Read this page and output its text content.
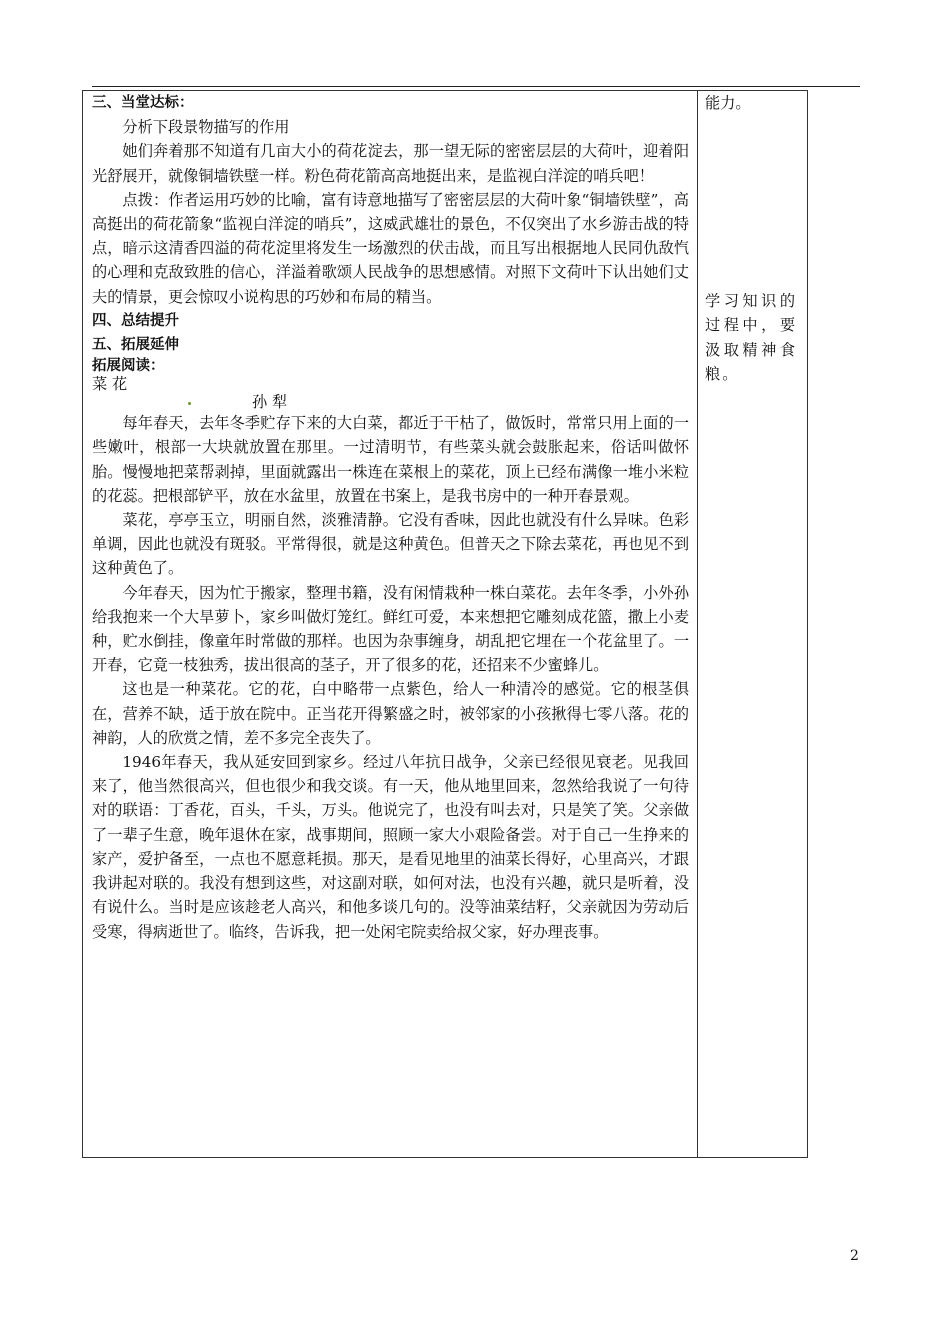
三、当堂达标：

分析下段景物描写的作用

她们奔着那不知道有几亩大小的荷花淀去，那一望无际的密密层层的大荷叶，迎着阳光舒展开，就像铜墙铁壁一样。粉色荷花箭高高地挺出来，是监视白洋淀的哨兵吧！

点拨：作者运用巧妙的比喻，富有诗意地描写了密密层层的大荷叶象“铜墙铁壁”，高高挺出的荷花箭象“监视白洋淀的哨兵”，这威武雄壮的景色，不仅突出了水乡游击战的特点，暗示这清香四溢的荷花淀里将发生一场激烈的伏击战，而且写出根据地人民同仇敌忾的心理和克敌致胜的信心，洋溢着歌颂人民战争的思想感情。对照下文荷叶下认出她们丈夫的情景，更会惊叹小说构思的巧妙和布局的精当。

四、总结提升

五、拓展延伸

拓展阅读：

菜 花

孙 犁

每年春天，去年冬季贮存下来的大白菜，都近于干枯了，做饭时，常常只用上面的一些嫩叶，根部一大块就放置在那里。一过清明节，有些菜头就会鼓胀起来，俗话叫做怀胎。慢慢地把菜帮剥掉，里面就露出一株连在菜根上的菜花，顶上已经布满像一堆小米粒的花蕊。把根部铲平，放在水盆里，放置在书案上，是我书房中的一种开春景观。

菜花，亭亭玉立，明丽自然，淡雅清静。它没有香味，因此也就没有什么异味。色彩单调，因此也就没有斑驳。平常得很，就是这种黄色。但普天之下除去菜花，再也见不到这种黄色了。

今年春天，因为忙于搬家，整理书籍，没有闲情栽种一株白菜花。去年冬季，小外孙给我抱来一个大旱萝卜，家乡叫做灯笼红。鲜红可爱，本来想把它雕刻成花篮，撒上小麦种，贮水倒挂，像童年时常做的那样。也因为杂事缠身，胡乱把它埋在一个花盆里了。一开春，它竟一枝独秀，拔出很高的茎子，开了很多的花，还招来不少蜜蜂儿。

这也是一种菜花。它的花，白中略带一点紫色，给人一种清冷的感觉。它的根茎俱在，营养不缺，适于放在院中。正当花开得繁盛之时，被邻家的小孩揪得七零八落。花的神韵，人的欣赏之情，差不多完全丧失了。

1946年春天，我从延安回到家乡。经过八年抗日战争，父亲已经很见衰老。见我回来了，他当然很高兴，但也很少和我交谈。有一天，他从地里回来，忽然给我说了一句待对的联语：丁香花，百头，千头，万头。他说完了，也没有叫去对，只是笑了笑。父亲做了一辈子生意，晚年退休在家，战事期间，照顾一家大小艰险备尝。对于自己一生挣来的家产，爱护备至，一点也不愿意耗损。那天，是看见地里的油菜长得好，心里高兴，才跟我讲起对联的。我没有想到这些，对这副对联，如何对法，也没有兴趣，就只是听着，没有说什么。当时是应该趁老人高兴，和他多谈几句的。没等油菜结籽，父亲就因为劳动后受寒，得病逝世了。临终，告诉我，把一处闲宅院卖给叔父家，好办理丧事。

能力。

学习知识的过程中，要汲取精神食粮。

2
